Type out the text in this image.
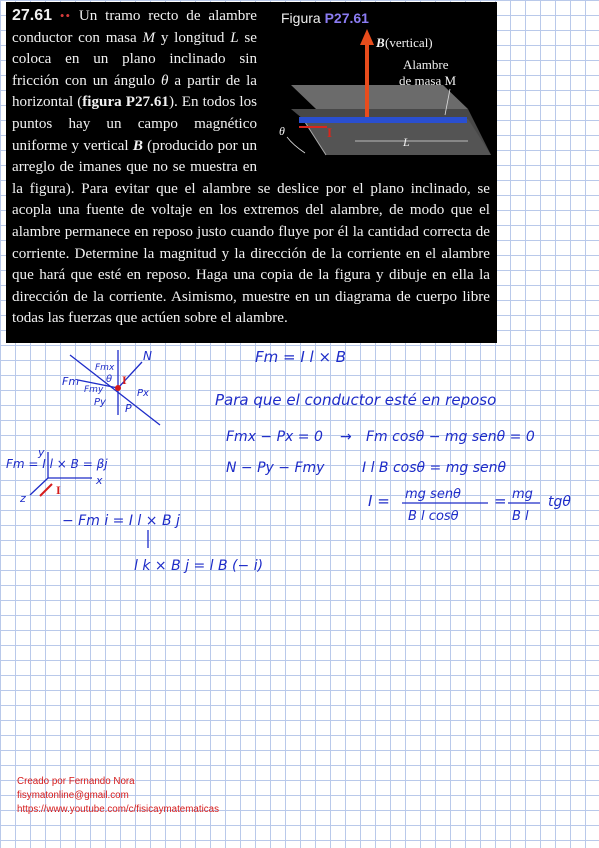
Figura P27.61
B (vertical)
Alambre
de masa M
I
θ
L
27.61 •• Un tramo recto de alambre conductor con masa M y longitud L se coloca en un plano inclinado sin fricción con un ángulo θ a partir de la horizontal (figura P27.61). En todos los puntos hay un campo magnético uniforme y vertical B (producido por un arreglo de imanes que no se muestra en la figura). Para evitar que el alambre se deslice por el plano inclinado, se acopla una fuente de voltaje en los extremos del alambre, de modo que el alambre permanece en reposo justo cuando fluye por él la cantidad correcta de corriente. Determine la magnitud y la dirección de la corriente en el alambre que hará que esté en reposo. Haga una copia de la figura y dibuje en ella la dirección de la corriente. Asimismo, muestre en un diagrama de cuerpo libre todas las fuerzas que actúen sobre el alambre.
N
P
Px
Py
Fm
Fmx
Fmy
I
θ
y
x
z
I
Fm = I l × B = βj
Fm = I l × B
Para que el conductor esté en reposo
Fmx − Px = 0 → Fm cosθ − mg senθ = 0
N − Py − Fmy	I l B cosθ = mg senθ
I = mg senθ
B l cosθ
= mg
B l
tgθ
− Fm i = I l × B j
l k × B j = l B (− i)
Creado por Fernando Nora
fisymatonline@gmail.com
https://www.youtube.com/c/fisicaymatematicas
